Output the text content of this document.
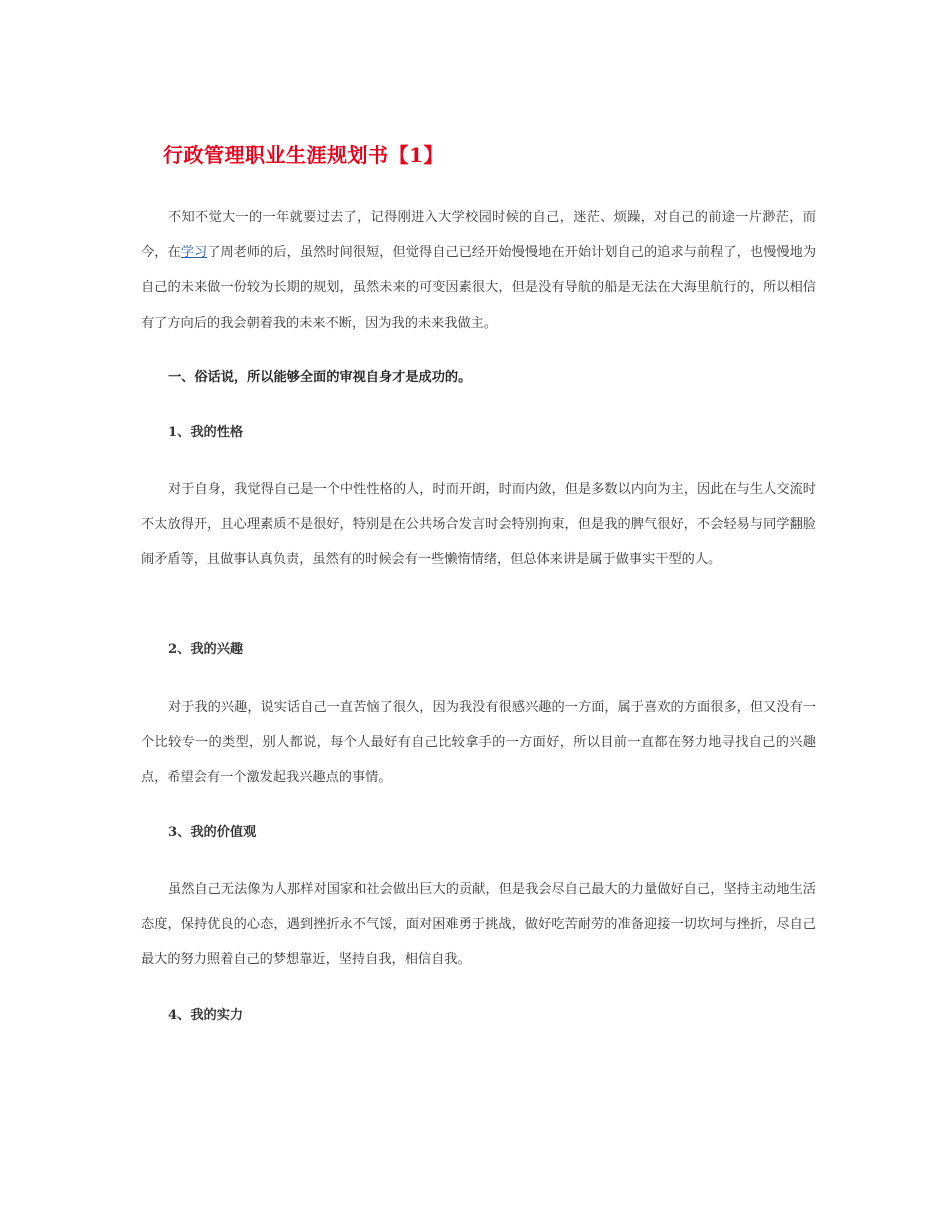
行政管理职业生涯规划书【1】

不知不觉大一的一年就要过去了，记得刚进入大学校园时候的自己，迷茫、烦躁，对自己的前途一片渺茫，而今，在学习了周老师的后，虽然时间很短，但觉得自己已经开始慢慢地在开始计划自己的追求与前程了，也慢慢地为自己的未来做一份较为长期的规划，虽然未来的可变因素很大，但是没有导航的船是无法在大海里航行的，所以相信有了方向后的我会朝着我的未来不断，因为我的未来我做主。

一、俗话说，所以能够全面的审视自身才是成功的。
1、我的性格

对于自身，我觉得自己是一个中性性格的人，时而开朗，时而内敛，但是多数以内向为主，因此在与生人交流时不太放得开，且心理素质不是很好，特别是在公共场合发言时会特别拘束，但是我的脾气很好，不会轻易与同学翻脸闹矛盾等，且做事认真负责，虽然有的时候会有一些懒惰情绪，但总体来讲是属于做事实干型的人。

2、我的兴趣

对于我的兴趣，说实话自己一直苦恼了很久，因为我没有很感兴趣的一方面，属于喜欢的方面很多，但又没有一个比较专一的类型，别人都说，每个人最好有自己比较拿手的一方面好，所以目前一直都在努力地寻找自己的兴趣点，希望会有一个激发起我兴趣点的事情。

3、我的价值观

虽然自己无法像为人那样对国家和社会做出巨大的贡献，但是我会尽自己最大的力量做好自己，坚持主动地生活态度，保持优良的心态，遇到挫折永不气馁，面对困难勇于挑战，做好吃苦耐劳的准备迎接一切坎坷与挫折，尽自己最大的努力照着自己的梦想靠近，坚持自我，相信自我。

4、我的实力
